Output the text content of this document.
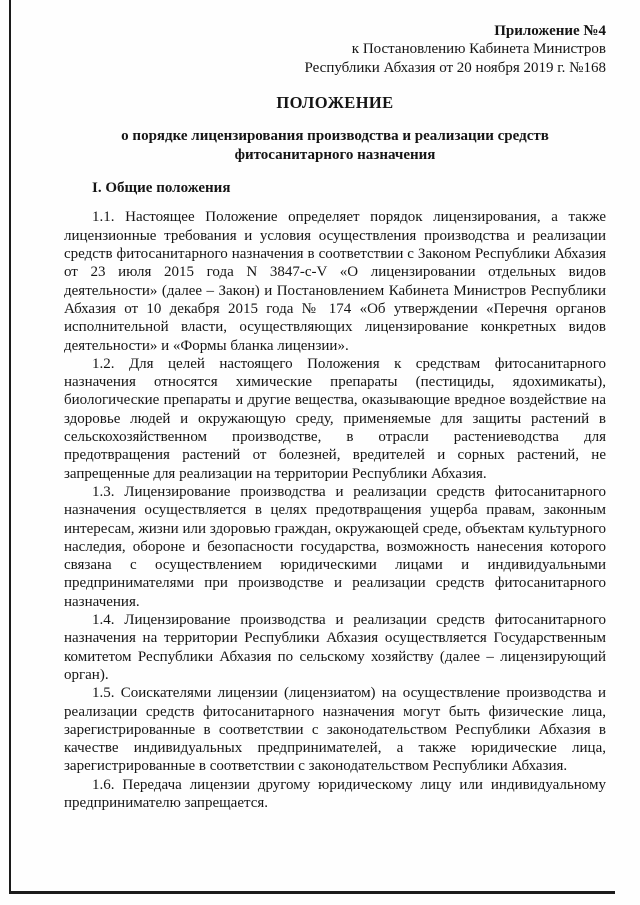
Приложение №4
к Постановлению Кабинета Министров
Республики Абхазия от 20 ноября 2019 г. №168
ПОЛОЖЕНИЕ
о порядке лицензирования производства и реализации средств фитосанитарного назначения
I. Общие положения

1.1. Настоящее Положение определяет порядок лицензирования, а также лицензионные требования и условия осуществления производства и реализации средств фитосанитарного назначения в соответствии с Законом Республики Абхазия от 23 июля 2015 года N 3847-с-V «О лицензировании отдельных видов деятельности» (далее – Закон) и Постановлением Кабинета Министров Республики Абхазия от 10 декабря 2015 года № 174 «Об утверждении «Перечня органов исполнительной власти, осуществляющих лицензирование конкретных видов деятельности» и «Формы бланка лицензии».

1.2. Для целей настоящего Положения к средствам фитосанитарного назначения относятся химические препараты (пестициды, ядохимикаты), биологические препараты и другие вещества, оказывающие вредное воздействие на здоровье людей и окружающую среду, применяемые для защиты растений в сельскохозяйственном производстве, в отрасли растениеводства для предотвращения растений от болезней, вредителей и сорных растений, не запрещенные для реализации на территории Республики Абхазия.

1.3. Лицензирование производства и реализации средств фитосанитарного назначения осуществляется в целях предотвращения ущерба правам, законным интересам, жизни или здоровью граждан, окружающей среде, объектам культурного наследия, обороне и безопасности государства, возможность нанесения которого связана с осуществлением юридическими лицами и индивидуальными предпринимателями при производстве и реализации средств фитосанитарного назначения.

1.4. Лицензирование производства и реализации средств фитосанитарного назначения на территории Республики Абхазия осуществляется Государственным комитетом Республики Абхазия по сельскому хозяйству (далее – лицензирующий орган).

1.5. Соискателями лицензии (лицензиатом) на осуществление производства и реализации средств фитосанитарного назначения могут быть физические лица, зарегистрированные в соответствии с законодательством Республики Абхазия в качестве индивидуальных предпринимателей, а также юридические лица, зарегистрированные в соответствии с законодательством Республики Абхазия.

1.6. Передача лицензии другому юридическому лицу или индивидуальному предпринимателю запрещается.
